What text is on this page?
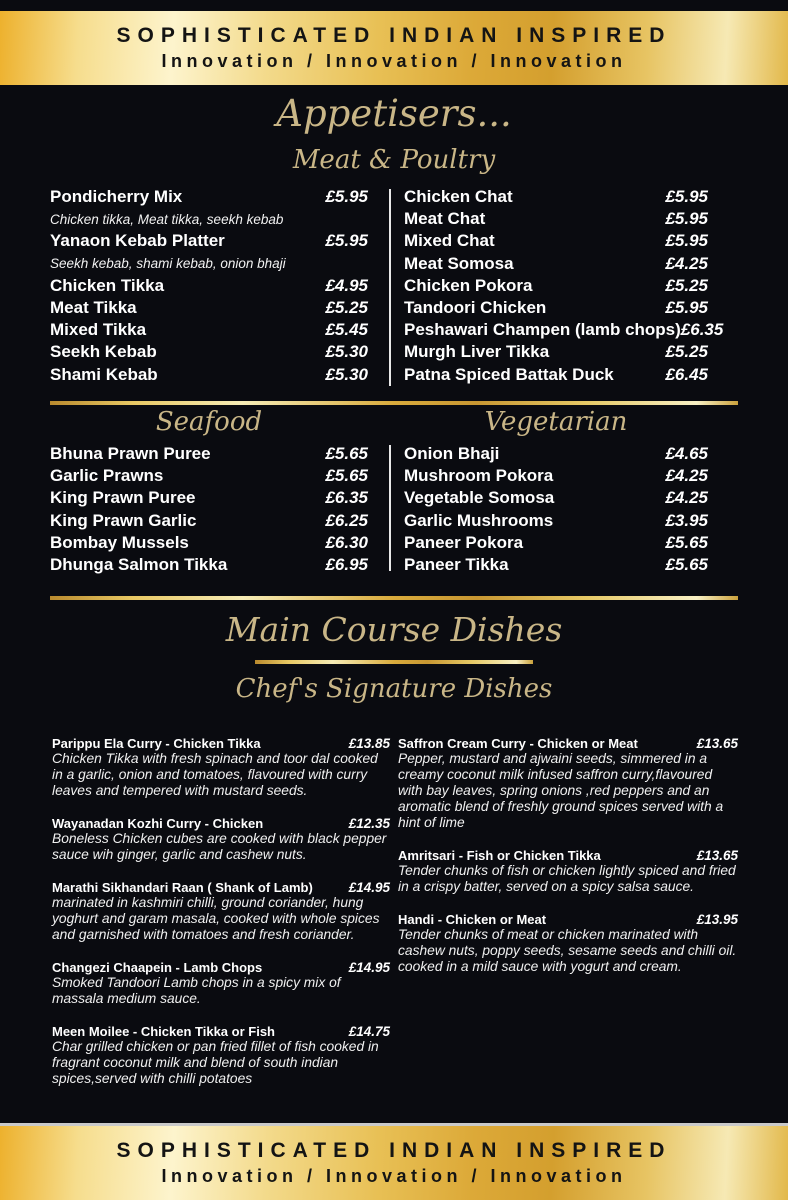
SOPHISTICATED INDIAN INSPIRED
Innovation / Innovation / Innovation
Appetisers...
Meat & Poultry
Pondicherry Mix	£5.95
Chicken tikka, Meat tikka, seekh kebab
Yanaon Kebab Platter	£5.95
Seekh kebab, shami kebab, onion bhaji
Chicken Tikka	£4.95
Meat Tikka	£5.25
Mixed Tikka	£5.45
Seekh Kebab	£5.30
Shami Kebab	£5.30
Chicken Chat	£5.95
Meat Chat	£5.95
Mixed Chat	£5.95
Meat Somosa	£4.25
Chicken Pokora	£5.25
Tandoori Chicken	£5.95
Peshawari Champen (lamb chops) £6.35
Murgh Liver Tikka	£5.25
Patna Spiced Battak Duck	£6.45
Seafood	Vegetarian
Bhuna Prawn Puree	£5.65
Garlic Prawns	£5.65
King Prawn Puree	£6.35
King Prawn Garlic	£6.25
Bombay Mussels	£6.30
Dhunga Salmon Tikka	£6.95
Onion Bhaji	£4.65
Mushroom Pokora	£4.25
Vegetable Somosa	£4.25
Garlic Mushrooms	£3.95
Paneer Pokora	£5.65
Paneer Tikka	£5.65
Main Course Dishes
Chef's Signature Dishes
Parippu Ela Curry - Chicken Tikka	£13.85
Chicken Tikka with fresh spinach and toor dal cooked in a garlic, onion and tomatoes, flavoured with curry leaves and tempered with mustard seeds.
Wayanadan Kozhi Curry - Chicken	£12.35
Boneless Chicken cubes are cooked with black pepper sauce wih ginger, garlic and cashew nuts.
Marathi Sikhandari Raan ( Shank of Lamb)	£14.95
marinated in kashmiri chilli, ground coriander, hung yoghurt and garam masala, cooked with whole spices and garnished with tomatoes and fresh coriander.
Changezi Chaapein - Lamb Chops	£14.95
Smoked Tandoori Lamb chops in a spicy mix of massala medium sauce.
Meen Moilee - Chicken Tikka or Fish	£14.75
Char grilled chicken or pan fried fillet of fish cooked in fragrant coconut milk and blend of south indian spices,served with chilli potatoes
Saffron Cream Curry - Chicken or Meat	£13.65
Pepper, mustard and ajwaini seeds, simmered in a creamy coconut milk infused saffron curry,flavoured with bay leaves, spring onions ,red peppers and an aromatic blend of freshly ground spices served with a hint of lime
Amritsari - Fish or Chicken Tikka	£13.65
Tender chunks of fish or chicken lightly spiced and fried in a crispy batter, served on a spicy salsa sauce.
Handi - Chicken or Meat	£13.95
Tender chunks of meat or chicken marinated with cashew nuts, poppy seeds, sesame seeds and chilli oil. cooked in a mild sauce with yogurt and cream.
SOPHISTICATED INDIAN INSPIRED
Innovation / Innovation / Innovation
